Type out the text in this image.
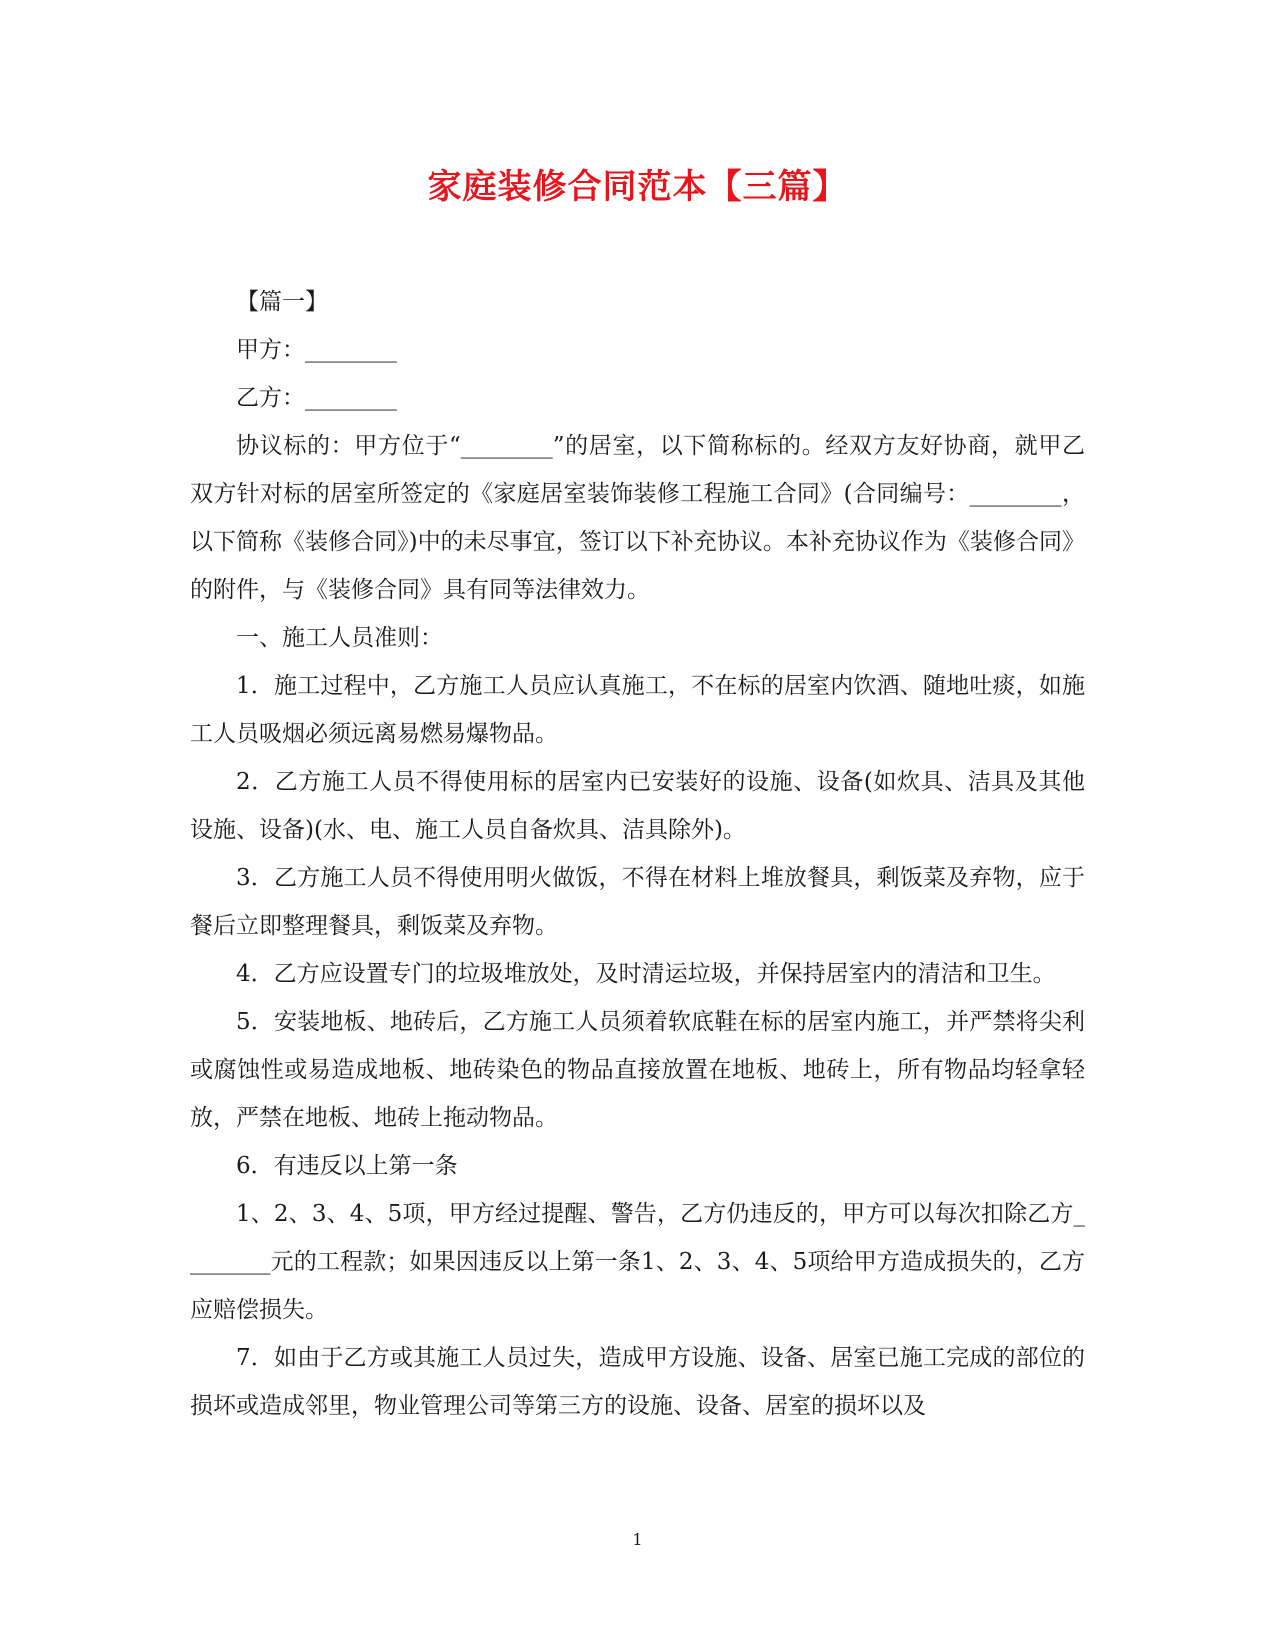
家庭装修合同范本【三篇】

【篇一】

甲方：________

乙方：________

协议标的：甲方位于“________”的居室，以下简称标的。经双方友好协商，就甲乙双方针对标的居室所签定的《家庭居室装饰装修工程施工合同》(合同编号：________，以下简称《装修合同》)中的未尽事宜，签订以下补充协议。本补充协议作为《装修合同》的附件，与《装修合同》具有同等法律效力。

一、施工人员准则：

1．施工过程中，乙方施工人员应认真施工，不在标的居室内饮酒、随地吐痰，如施工人员吸烟必须远离易燃易爆物品。

2．乙方施工人员不得使用标的居室内已安装好的设施、设备(如炊具、洁具及其他设施、设备)(水、电、施工人员自备炊具、洁具除外)。

3．乙方施工人员不得使用明火做饭，不得在材料上堆放餐具，剩饭菜及弃物，应于餐后立即整理餐具，剩饭菜及弃物。

4．乙方应设置专门的垃圾堆放处，及时清运垃圾，并保持居室内的清洁和卫生。

5．安装地板、地砖后，乙方施工人员须着软底鞋在标的居室内施工，并严禁将尖利或腐蚀性或易造成地板、地砖染色的物品直接放置在地板、地砖上，所有物品均轻拿轻放，严禁在地板、地砖上拖动物品。

6．有违反以上第一条

1、2、3、4、5项，甲方经过提醒、警告，乙方仍违反的，甲方可以每次扣除乙方________元的工程款；如果因违反以上第一条1、2、3、4、5项给甲方造成损失的，乙方应赔偿损失。

7．如由于乙方或其施工人员过失，造成甲方设施、设备、居室已施工完成的部位的损坏或造成邻里，物业管理公司等第三方的设施、设备、居室的损坏以及

1
